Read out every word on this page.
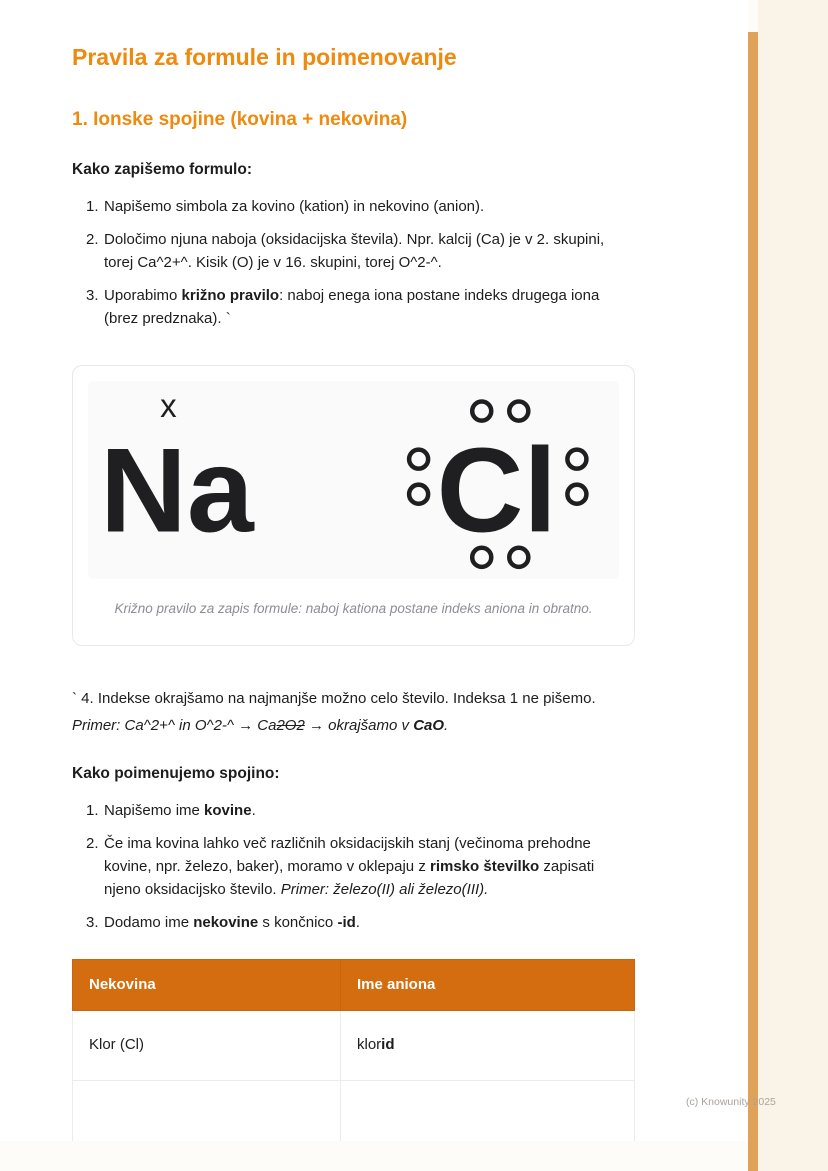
Pravila za formule in poimenovanje
1. Ionske spojine (kovina + nekovina)

Kako zapišemo formulo:

1. Napišemo simbola za kovino (kation) in nekovino (anion).
2. Določimo njuna naboja (oksidacijska števila). Npr. kalcij (Ca) je v 2. skupini, torej Ca^2+^. Kisik (O) je v 16. skupini, torej O^2-^.
3. Uporabimo križno pravilo: naboj enega iona postane indeks drugega iona (brez predznaka). `
x
Na Cl
Križno pravilo za zapis formule: naboj kationa postane indeks aniona in obratno.

` 4. Indekse okrajšamo na najmanjše možno celo število. Indeksa 1 ne pišemo.

Primer: Ca^2+^ in O^2-^ → Ca2O2 → okrajšamo v CaO.

Kako poimenujemo spojino:

1. Napišemo ime kovine.
2. Če ima kovina lahko več različnih oksidacijskih stanj (večinoma prehodne kovine, npr. železo, baker), moramo v oklepaju z rimsko številko zapisati njeno oksidacijsko število. Primer: železo(II) ali železo(III).
3. Dodamo ime nekovine s končnico -id.
Nekovina	Ime aniona
Klor (Cl)	klorid

(c) Knowunity 2025
